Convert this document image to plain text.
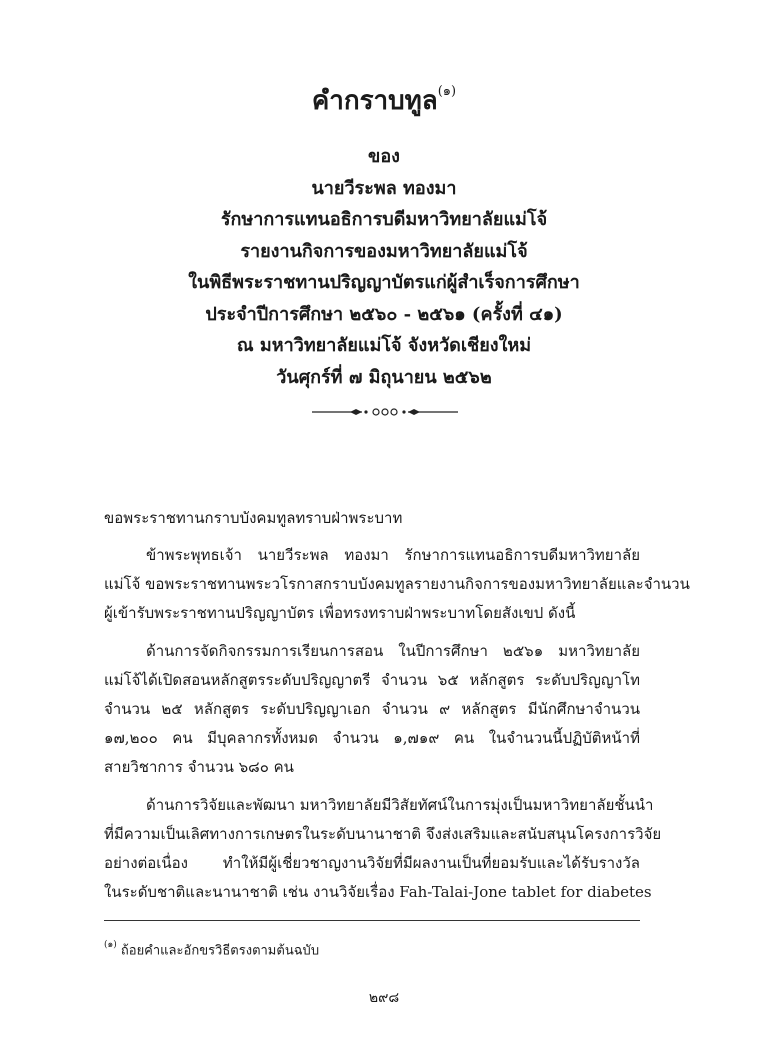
คำกราบทูล$^{(๑)}$
ของ
นายวีระพล ทองมา
รักษาการแทนอธิการบดีมหาวิทยาลัยแม่โจ้
รายงานกิจการของมหาวิทยาลัยแม่โจ้
ในพิธีพระราชทานปริญญาบัตรแก่ผู้สำเร็จการศึกษา
ประจำปีการศึกษา ๒๕๖๐ - ๒๕๖๑ (ครั้งที่ ๔๑)
ณ มหาวิทยาลัยแม่โจ้ จังหวัดเชียงใหม่
วันศุกร์ที่ ๗ มิถุนายน ๒๕๖๒
ขอพระราชทานกราบบังคมทูลทราบฝ่าพระบาท
ข้าพระพุทธเจ้า นายวีระพล ทองมา รักษาการแทนอธิการบดีมหาวิทยาลัย
แม่โจ้ ขอพระราชทานพระวโรกาสกราบบังคมทูลรายงานกิจการของมหาวิทยาลัยและจำนวน
ผู้เข้ารับพระราชทานปริญญาบัตร เพื่อทรงทราบฝ่าพระบาทโดยสังเขป ดังนี้
ด้านการจัดกิจกรรมการเรียนการสอน ในปีการศึกษา ๒๕๖๑ มหาวิทยาลัย
แม่โจ้ได้เปิดสอนหลักสูตรระดับปริญญาตรี จำนวน ๖๕ หลักสูตร ระดับปริญญาโท
จำนวน ๒๕ หลักสูตร ระดับปริญญาเอก จำนวน ๙ หลักสูตร มีนักศึกษาจำนวน
๑๗,๒๐๐ คน มีบุคลากรทั้งหมด จำนวน ๑,๗๑๙ คน ในจำนวนนี้ปฏิบัติหน้าที่
สายวิชาการ จำนวน ๖๘๐ คน
ด้านการวิจัยและพัฒนา มหาวิทยาลัยมีวิสัยทัศน์ในการมุ่งเป็นมหาวิทยาลัยชั้นนำ
ที่มีความเป็นเลิศทางการเกษตรในระดับนานาชาติ จึงส่งเสริมและสนับสนุนโครงการวิจัย
อย่างต่อเนื่อง ทำให้มีผู้เชี่ยวชาญงานวิจัยที่มีผลงานเป็นที่ยอมรับและได้รับรางวัล
ในระดับชาติและนานาชาติ เช่น งานวิจัยเรื่อง Fah-Talai-Jone tablet for diabetes
$^{(๑)}$ ถ้อยคำและอักขรวิธีตรงตามต้นฉบับ
๒๙๘
